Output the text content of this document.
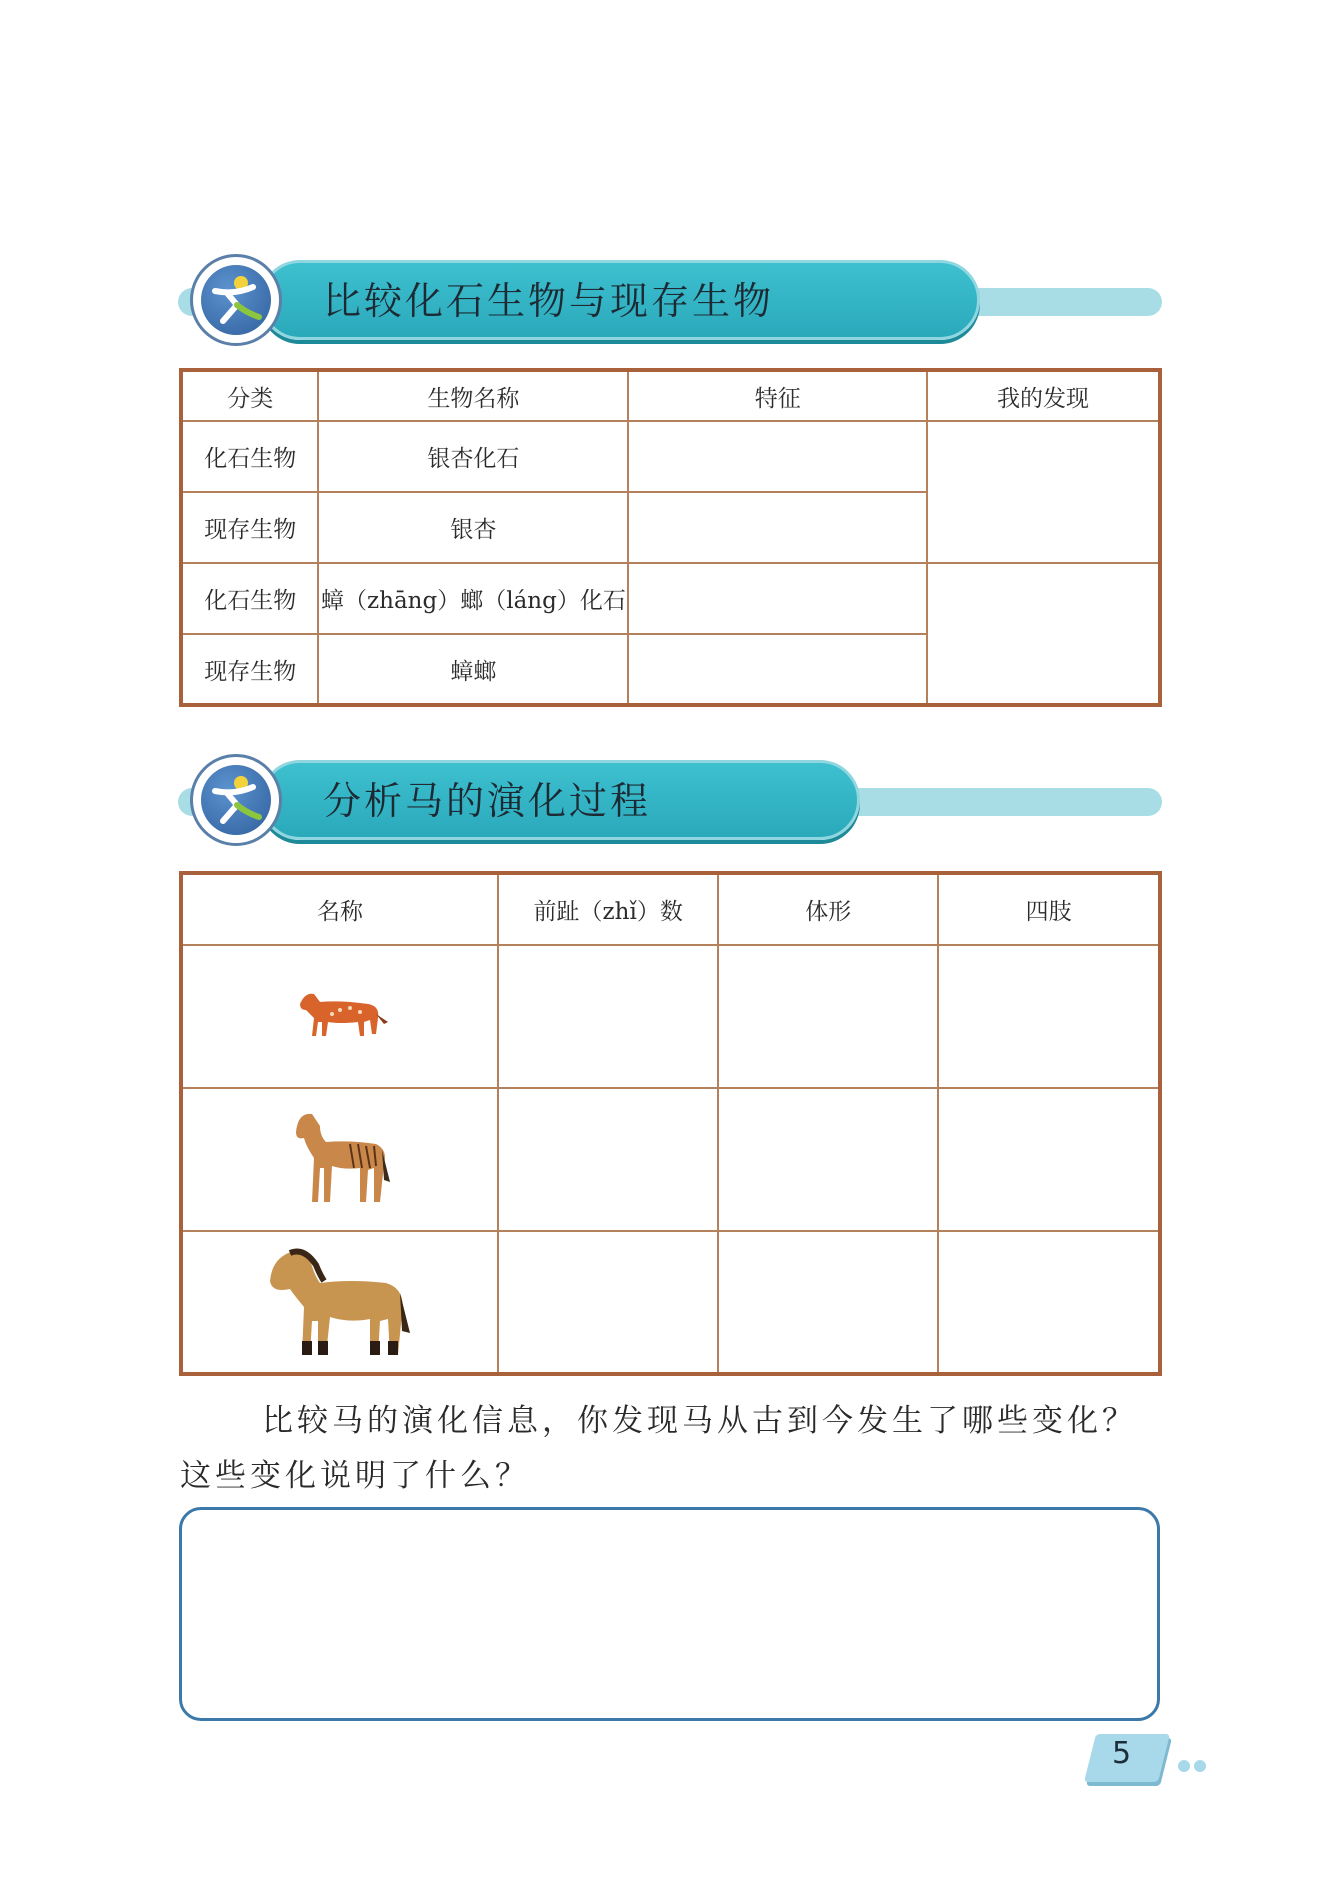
比较化石生物与现存生物
分类	生物名称	特征	我的发现
化石生物	银杏化石		
现存生物	银杏		
化石生物	蟑（zhāng）螂（láng）化石		
现存生物	蟑螂		
分析马的演化过程
名称	前趾（zhǐ）数	体形	四肢

比较马的演化信息，你发现马从古到今发生了哪些变化？
这些变化说明了什么？
5
